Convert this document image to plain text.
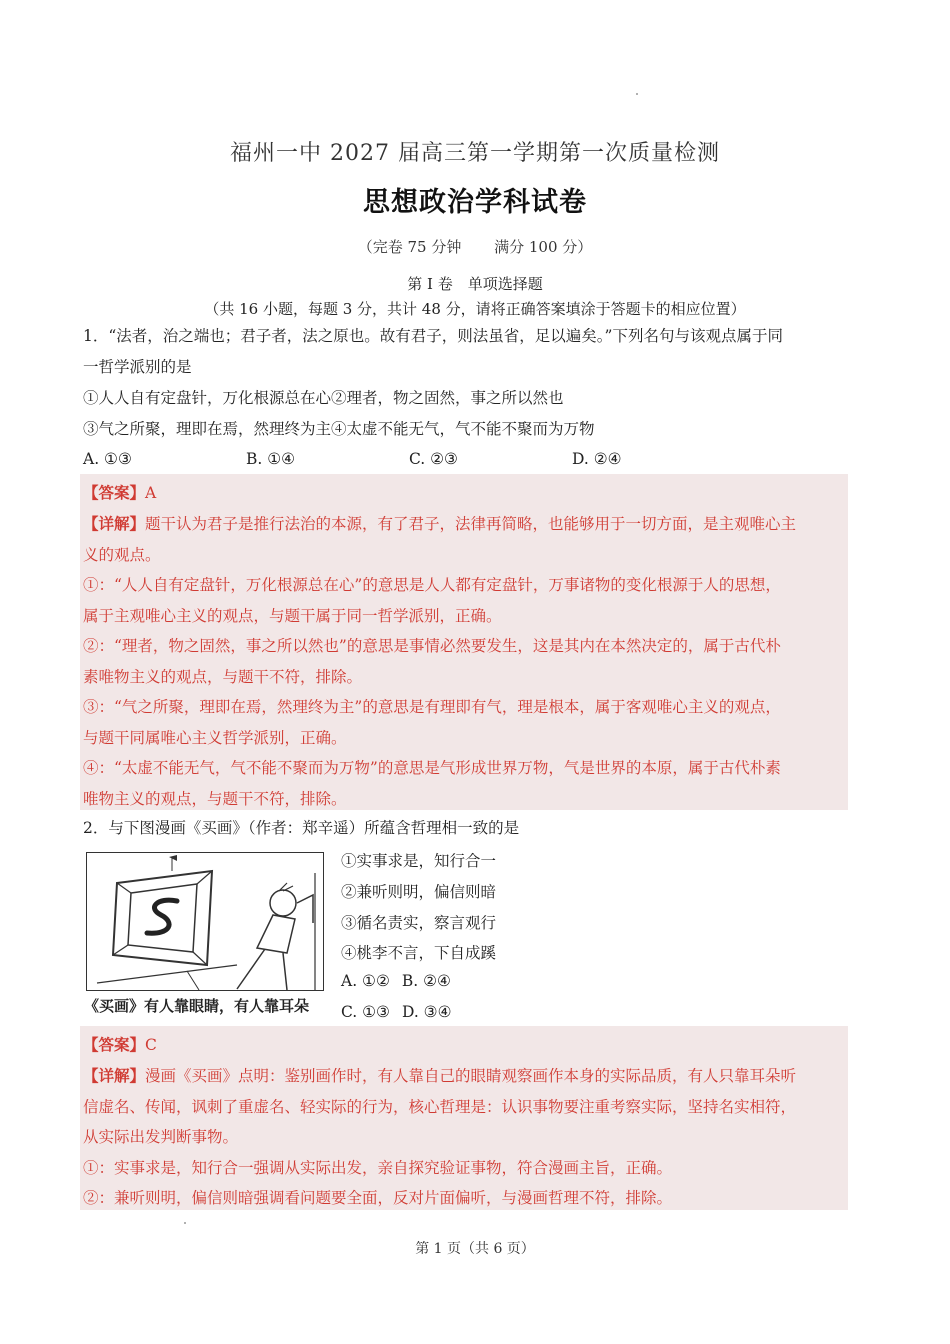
福州一中 2027 届高三第一学期第一次质量检测
思想政治学科试卷
（完卷 75 分钟 满分 100 分）
第 I 卷　单项选择题
（共 16 小题，每题 3 分，共计 48 分，请将正确答案填涂于答题卡的相应位置）
1．“法者，治之端也；君子者，法之原也。故有君子，则法虽省，足以遍矣。”下列名句与该观点属于同
一哲学派别的是
①人人自有定盘针，万化根源总在心②理者，物之固然，事之所以然也
③气之所聚，理即在焉，然理终为主④太虚不能无气，气不能不聚而为万物
A. ①③	B. ①④	C. ②③	D. ②④
【答案】A
【详解】题干认为君子是推行法治的本源，有了君子，法律再简略，也能够用于一切方面，是主观唯心主
义的观点。
①：“人人自有定盘针，万化根源总在心”的意思是人人都有定盘针，万事诸物的变化根源于人的思想，
属于主观唯心主义的观点，与题干属于同一哲学派别，正确。
②：“理者，物之固然，事之所以然也”的意思是事情必然要发生，这是其内在本然决定的，属于古代朴
素唯物主义的观点，与题干不符，排除。
③：“气之所聚，理即在焉，然理终为主”的意思是有理即有气，理是根本，属于客观唯心主义的观点，
与题干同属唯心主义哲学派别，正确。
④：“太虚不能无气，气不能不聚而为万物”的意思是气形成世界万物，气是世界的本原，属于古代朴素
唯物主义的观点，与题干不符，排除。
2．与下图漫画《买画》（作者：郑辛遥）所蕴含哲理相一致的是
《买画》有人靠眼睛，有人靠耳朵
①实事求是，知行合一
②兼听则明，偏信则暗
③循名责实，察言观行
④桃李不言，下自成蹊
A. ①② B. ②④
C. ①③ D. ③④
【答案】C
【详解】漫画《买画》点明：鉴别画作时，有人靠自己的眼睛观察画作本身的实际品质，有人只靠耳朵听
信虚名、传闻，讽刺了重虚名、轻实际的行为，核心哲理是：认识事物要注重考察实际，坚持名实相符，
从实际出发判断事物。
①：实事求是，知行合一强调从实际出发，亲自探究验证事物，符合漫画主旨，正确。
②：兼听则明，偏信则暗强调看问题要全面，反对片面偏听，与漫画哲理不符，排除。
第 1 页（共 6 页）
